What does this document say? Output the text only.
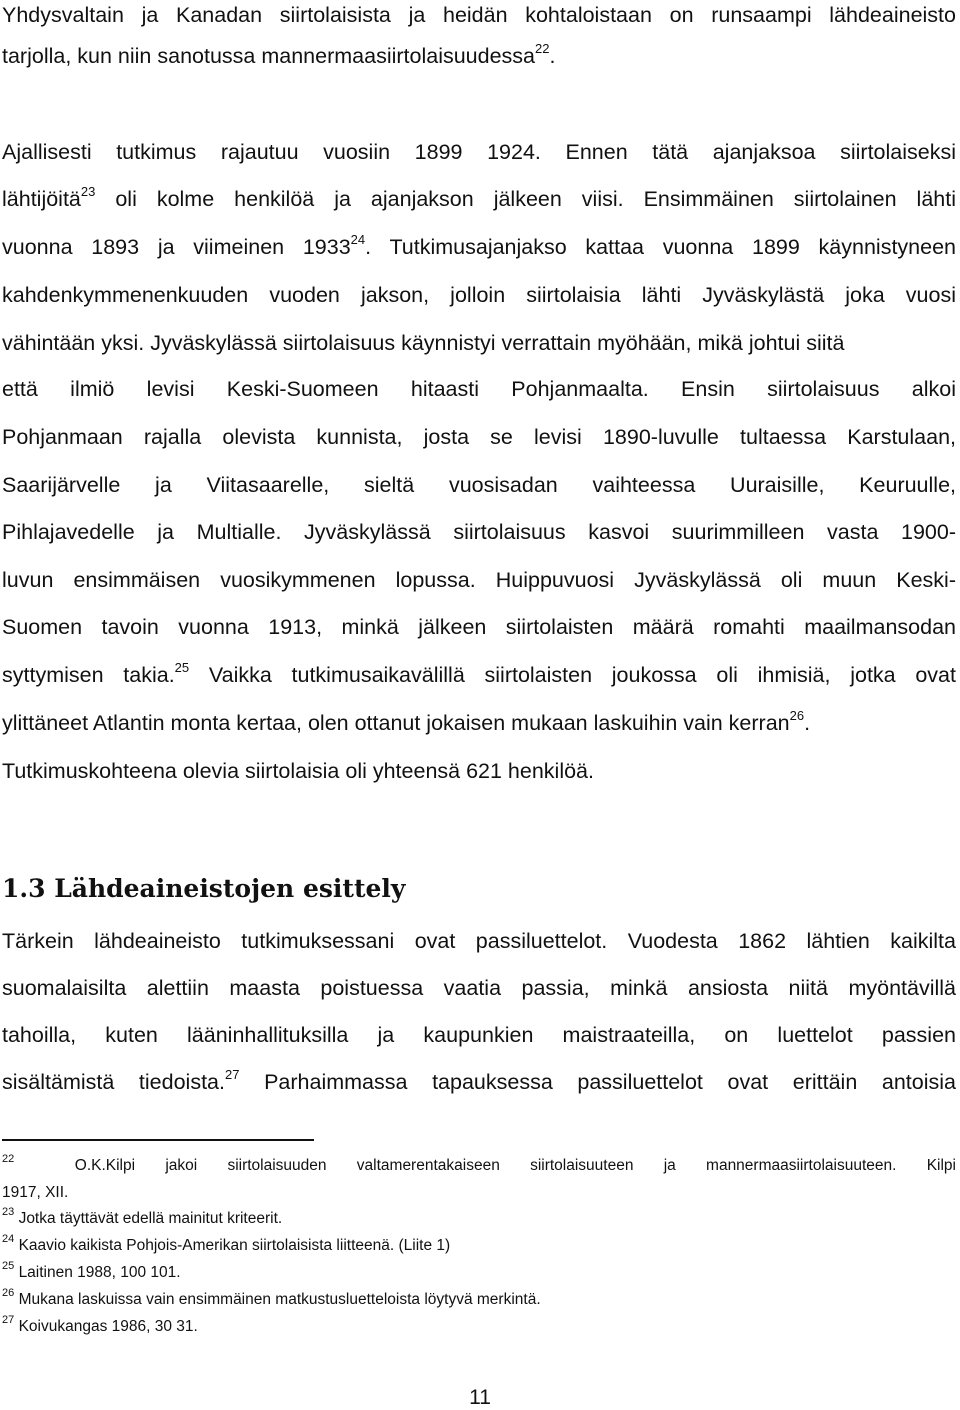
Yhdysvaltain ja Kanadan siirtolaisista ja heidän kohtaloistaan on runsaampi lähdeaineisto
tarjolla, kun niin sanotussa mannermaasiirtolaisuudessa$^{22}$.
Ajallisesti tutkimus rajautuu vuosiin 1899 1924. Ennen tätä ajanjaksoa siirtolaiseksi
lähtijöitä$^{23}$ oli kolme henkilöä ja ajanjakson jälkeen viisi. Ensimmäinen siirtolainen lähti
vuonna 1893 ja viimeinen 1933$^{24}$. Tutkimusajanjakso kattaa vuonna 1899 käynnistyneen
kahdenkymmenenkuuden vuoden jakson, jolloin siirtolaisia lähti Jyväskylästä joka vuosi
vähintään yksi. Jyväskylässä siirtolaisuus käynnistyi verrattain myöhään, mikä johtui siitä
että ilmiö levisi Keski-Suomeen hitaasti Pohjanmaalta. Ensin siirtolaisuus alkoi
Pohjanmaan rajalla olevista kunnista, josta se levisi 1890-luvulle tultaessa Karstulaan,
Saarijärvelle ja Viitasaarelle, sieltä vuosisadan vaihteessa Uuraisille, Keuruulle,
Pihlajavedelle ja Multialle. Jyväskylässä siirtolaisuus kasvoi suurimmilleen vasta 1900-
luvun ensimmäisen vuosikymmenen lopussa. Huippuvuosi Jyväskylässä oli muun Keski-
Suomen tavoin vuonna 1913, minkä jälkeen siirtolaisten määrä romahti maailmansodan
syttymisen takia.$^{25}$ Vaikka tutkimusaikavälillä siirtolaisten joukossa oli ihmisiä, jotka ovat
ylittäneet Atlantin monta kertaa, olen ottanut jokaisen mukaan laskuihin vain kerran$^{26}$.
Tutkimuskohteena olevia siirtolaisia oli yhteensä 621 henkilöä.
1.3 Lähdeaineistojen esittely
Tärkein lähdeaineisto tutkimuksessani ovat passiluettelot. Vuodesta 1862 lähtien kaikilta
suomalaisilta alettiin maasta poistuessa vaatia passia, minkä ansiosta niitä myöntävillä
tahoilla, kuten lääninhallituksilla ja kaupunkien maistraateilla, on luettelot passien
sisältämistä tiedoista.$^{27}$ Parhaimmassa tapauksessa passiluettelot ovat erittäin antoisia
$^{22}$	O.K.Kilpi jakoi siirtolaisuuden valtamerentakaiseen siirtolaisuuteen ja mannermaasiirtolaisuuteen. Kilpi
1917, XII.
$^{23}$ Jotka täyttävät edellä mainitut kriteerit.
$^{24}$ Kaavio kaikista Pohjois-Amerikan siirtolaisista liitteenä. (Liite 1)
$^{25}$ Laitinen 1988, 100 101.
$^{26}$ Mukana laskuissa vain ensimmäinen matkustusluetteloista löytyvä merkintä.
$^{27}$ Koivukangas 1986, 30 31.
11
